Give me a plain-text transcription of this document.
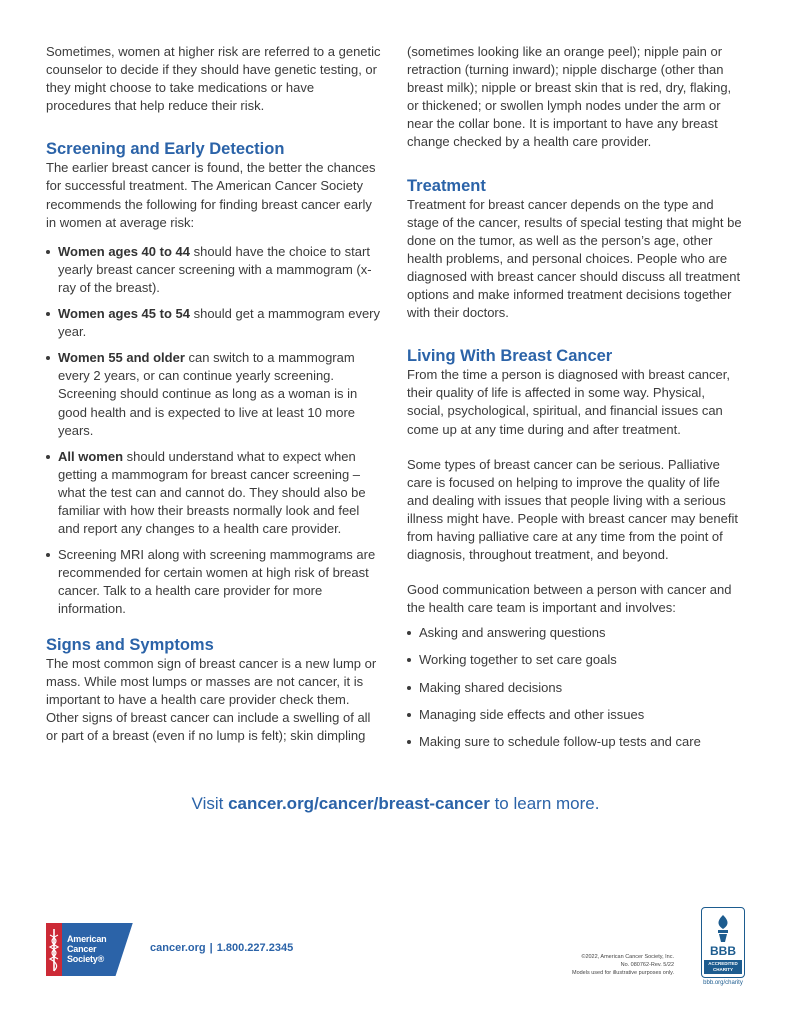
Sometimes, women at higher risk are referred to a genetic counselor to decide if they should have genetic testing, or they might choose to take medications or have procedures that help reduce their risk.

Screening and Early Detection

The earlier breast cancer is found, the better the chances for successful treatment. The American Cancer Society recommends the following for finding breast cancer early in women at average risk:

Women ages 40 to 44 should have the choice to start yearly breast cancer screening with a mammogram (x-ray of the breast).
Women ages 45 to 54 should get a mammogram every year.
Women 55 and older can switch to a mammogram every 2 years, or can continue yearly screening. Screening should continue as long as a woman is in good health and is expected to live at least 10 more years.
All women should understand what to expect when getting a mammogram for breast cancer screening – what the test can and cannot do. They should also be familiar with how their breasts normally look and feel and report any changes to a health care provider.
Screening MRI along with screening mammograms are recommended for certain women at high risk of breast cancer. Talk to a health care provider for more information.
Signs and Symptoms

The most common sign of breast cancer is a new lump or mass. While most lumps or masses are not cancer, it is important to have a health care provider check them. Other signs of breast cancer can include a swelling of all or part of a breast (even if no lump is felt); skin dimpling

(sometimes looking like an orange peel); nipple pain or retraction (turning inward); nipple discharge (other than breast milk); nipple or breast skin that is red, dry, flaking, or thickened; or swollen lymph nodes under the arm or near the collar bone. It is important to have any breast change checked by a health care provider.

Treatment

Treatment for breast cancer depends on the type and stage of the cancer, results of special testing that might be done on the tumor, as well as the person’s age, other health problems, and personal choices. People who are diagnosed with breast cancer should discuss all treatment options and make informed treatment decisions together with their doctors.

Living With Breast Cancer

From the time a person is diagnosed with breast cancer, their quality of life is affected in some way. Physical, social, psychological, spiritual, and financial issues can come up at any time during and after treatment.

Some types of breast cancer can be serious. Palliative care is focused on helping to improve the quality of life and dealing with issues that people living with a serious illness might have. People with breast cancer may benefit from having palliative care at any time from the point of diagnosis, throughout treatment, and beyond.

Good communication between a person with cancer and the health care team is important and involves:

Asking and answering questions
Working together to set care goals
Making shared decisions
Managing side effects and other issues
Making sure to schedule follow-up tests and care
Visit cancer.org/cancer/breast-cancer to learn more.
American
Cancer
Society®
cancer.org | 1.800.227.2345
©2022, American Cancer Society, Inc.
No. 080762-Rev. 5/22
Models used for illustrative purposes only.
BBB
ACCREDITED
CHARITY
bbb.org/charity
